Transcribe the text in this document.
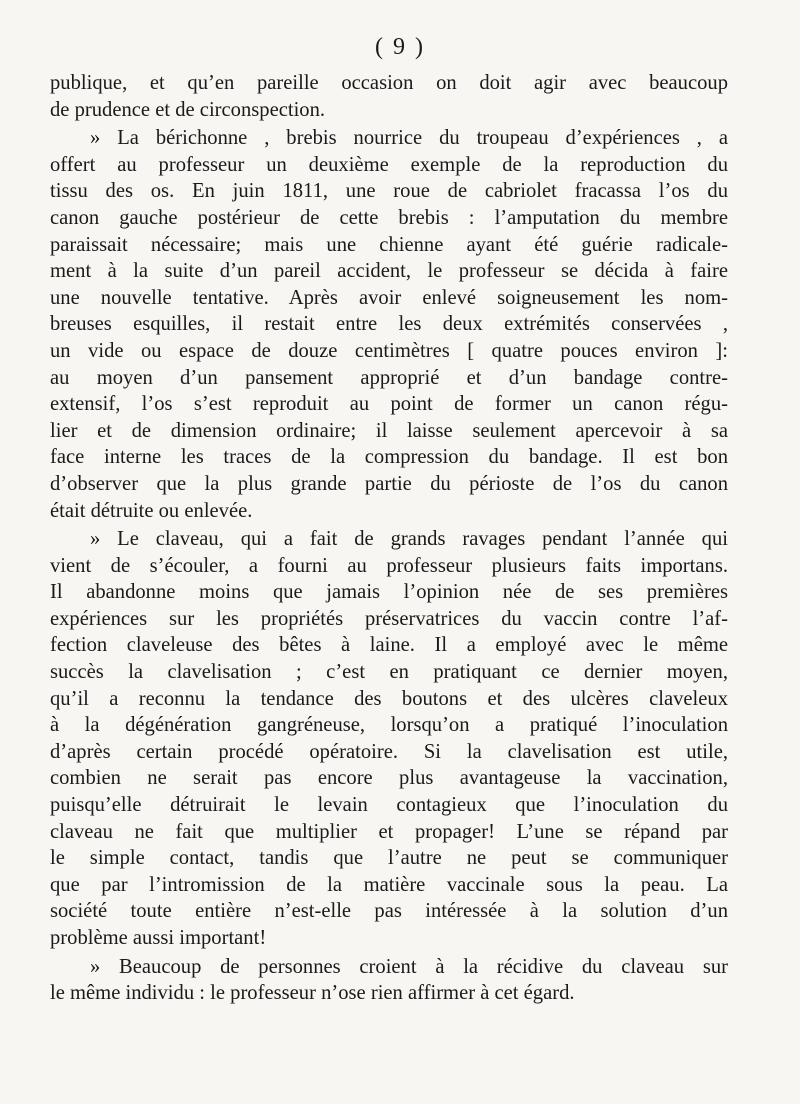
( 9 )
publique, et qu’en pareille occasion on doit agir avec beaucoup
de prudence et de circonspection.
» La bérichonne , brebis nourrice du troupeau d’expériences , a
offert au professeur un deuxième exemple de la reproduction du
tissu des os. En juin 1811, une roue de cabriolet fracassa l’os du
canon gauche postérieur de cette brebis : l’amputation du membre
paraissait nécessaire; mais une chienne ayant été guérie radicale-
ment à la suite d’un pareil accident, le professeur se décida à faire
une nouvelle tentative. Après avoir enlevé soigneusement les nom-
breuses esquilles, il restait entre les deux extrémités conservées ,
un vide ou espace de douze centimètres [ quatre pouces environ ]:
au moyen d’un pansement approprié et d’un bandage contre-
extensif, l’os s’est reproduit au point de former un canon régu-
lier et de dimension ordinaire; il laisse seulement apercevoir à sa
face interne les traces de la compression du bandage. Il est bon
d’observer que la plus grande partie du périoste de l’os du canon
était détruite ou enlevée.
» Le claveau, qui a fait de grands ravages pendant l’année qui
vient de s’écouler, a fourni au professeur plusieurs faits importans.
Il abandonne moins que jamais l’opinion née de ses premières
expériences sur les propriétés préservatrices du vaccin contre l’af-
fection claveleuse des bêtes à laine. Il a employé avec le même
succès la clavelisation ; c’est en pratiquant ce dernier moyen,
qu’il a reconnu la tendance des boutons et des ulcères claveleux
à la dégénération gangréneuse, lorsqu’on a pratiqué l’inoculation
d’après certain procédé opératoire. Si la clavelisation est utile,
combien ne serait pas encore plus avantageuse la vaccination,
puisqu’elle détruirait le levain contagieux que l’inoculation du
claveau ne fait que multiplier et propager! L’une se répand par
le simple contact, tandis que l’autre ne peut se communiquer
que par l’intromission de la matière vaccinale sous la peau. La
société toute entière n’est-elle pas intéressée à la solution d’un
problème aussi important!
» Beaucoup de personnes croient à la récidive du claveau sur
le même individu : le professeur n’ose rien affirmer à cet égard.
